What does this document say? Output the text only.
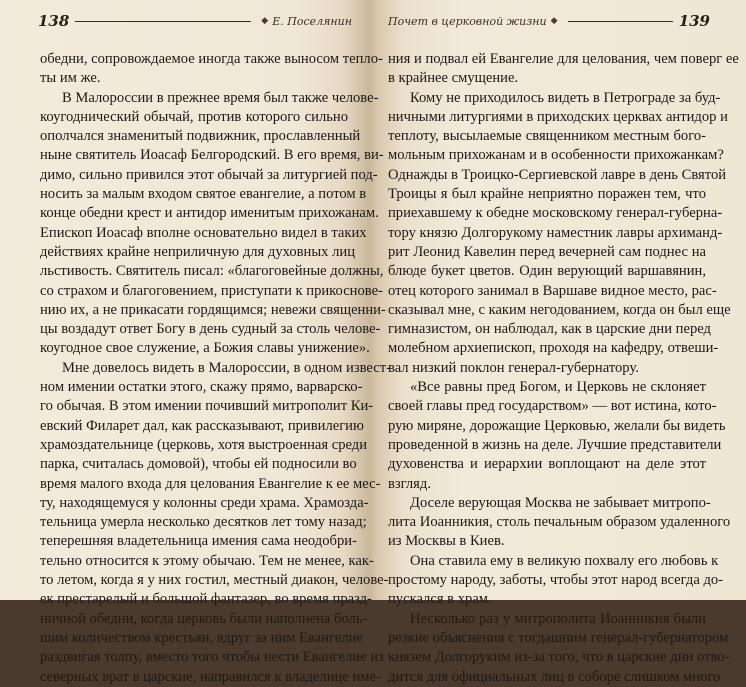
138	◆ Е. Поселянин
обедни, сопровождаемое иногда также выносом тепло-
ты им же.
В Малороссии в прежнее время был также челове-
коугоднический обычай, против которого сильно
ополчался знаменитый подвижник, прославленный
ныне святитель Иоасаф Белгородский. В его время, ви-
димо, сильно привился этот обычай за литургией под-
носить за малым входом святое евангелие, а потом в
конце обедни крест и антидор именитым прихожанам.
Епископ Иоасаф вполне основательно видел в таких
действиях крайне неприличную для духовных лиц
льстивость. Святитель писал: «благоговейные должны,
со страхом и благоговением, приступати к прикоснове-
нию их, а не прикасати гордящимся; невежи священни-
цы воздадут ответ Богу в день судный за столь челове-
коугодное свое служение, а Божия славы унижение».
Мне довелось видеть в Малороссии, в одном извест-
ном имении остатки этого, скажу прямо, варварско-
го обычая. В этом имении почивший митрополит Ки-
евский Филарет дал, как рассказывают, привилегию
храмоздательнице (церковь, хотя выстроенная среди
парка, считалась домовой), чтобы ей подносили во
время малого входа для целования Евангелие к ее мес-
ту, находящемуся у колонны среди храма. Храмозда-
тельница умерла несколько десятков лет тому назад;
теперешняя владетельница имения сама неодобри-
тельно относится к этому обычаю. Тем не менее, как-
то летом, когда я у них гостил, местный диакон, челове-
ек престарелый и большой фантазер, во время празд-
ничной обедни, когда церковь были наполнена боль-
шим количеством крестьян, вдруг за ним Евангелие
раздвигая толпу, вместо того чтобы нести Евангелие из
северных врат в царские, направился к владелице име-
Почет в церковной жизни ◆	139
ния и подвал ей Евангелие для целования, чем поверг ее
в крайнее смущение.
Кому не приходилось видеть в Петрограде за буд-
ничными литургиями в приходских церквах антидор и
теплоту, высылаемые священником местным бого-
мольным прихожанам и в особенности прихожанкам?
Однажды в Троицко-Сергиевской лавре в день Святой
Троицы я был крайне неприятно поражен тем, что
приехавшему к обедне московскому генерал-губерна-
тору князю Долгорукому наместник лавры архиманд-
рит Леонид Кавелин перед вечерней сам поднес на
блюде букет цветов. Один верующий варшавянин,
отец которого занимал в Варшаве видное место, рас-
сказывал мне, с каким негодованием, когда он был еще
гимназистом, он наблюдал, как в царские дни перед
молебном архиепископ, проходя на кафедру, отвеши-
вал низкий поклон генерал-губернатору.
«Все равны пред Богом, и Церковь не склоняет
своей главы пред государством» — вот истина, кото-
рую миряне, дорожащие Церковью, желали бы видеть
проведенной в жизнь на деле. Лучшие представители
духовенства и иерархии воплощают на деле этот
взгляд.
Доселе верующая Москва не забывает митропо-
лита Иоанникия, столь печальным образом удаленного
из Москвы в Киев.
Она ставила ему в великую похвалу его любовь к
простому народу, заботы, чтобы этот народ всегда до-
пускался в храм.
Несколько раз у митрополита Иоанникия были
резкие объяснения с тогдашним генерал-губернатором
князем Долгоруким из-за того, что в царские дни отво-
дится для официальных лиц в соборе слишком много
